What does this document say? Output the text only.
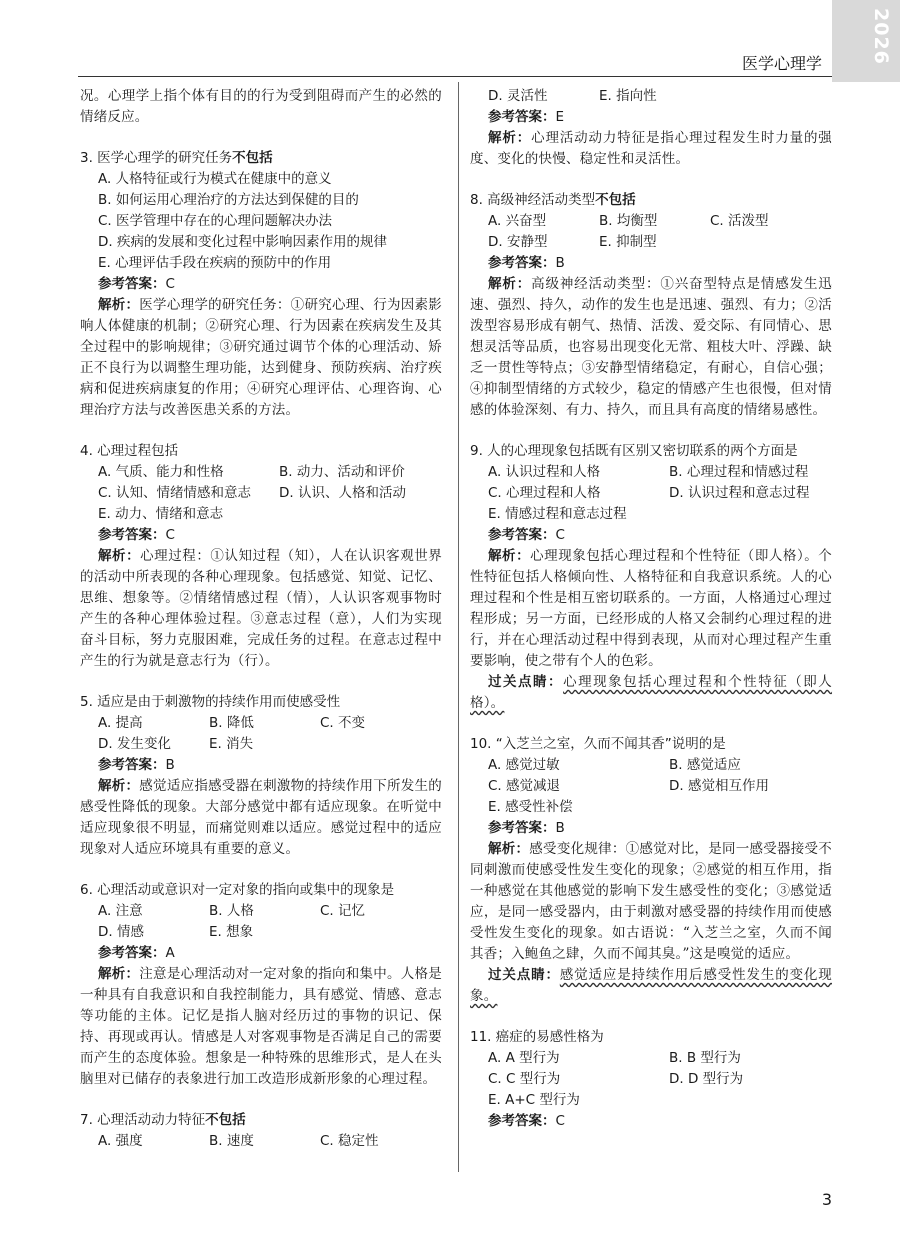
2026
医学心理学
况。心理学上指个体有目的的行为受到阻碍而产生的必然的情绪反应。
3. 医学心理学的研究任务不包括
A. 人格特征或行为模式在健康中的意义
B. 如何运用心理治疗的方法达到保健的目的
C. 医学管理中存在的心理问题解决办法
D. 疾病的发展和变化过程中影响因素作用的规律
E. 心理评估手段在疾病的预防中的作用
参考答案：C
解析：医学心理学的研究任务：①研究心理、行为因素影响人体健康的机制；②研究心理、行为因素在疾病发生及其全过程中的影响规律；③研究通过调节个体的心理活动、矫正不良行为以调整生理功能，达到健身、预防疾病、治疗疾病和促进疾病康复的作用；④研究心理评估、心理咨询、心理治疗方法与改善医患关系的方法。
4. 心理过程包括
A. 气质、能力和性格	B. 动力、活动和评价
C. 认知、情绪情感和意志	D. 认识、人格和活动
E. 动力、情绪和意志
参考答案：C
解析：心理过程：①认知过程（知），人在认识客观世界的活动中所表现的各种心理现象。包括感觉、知觉、记忆、思维、想象等。②情绪情感过程（情），人认识客观事物时产生的各种心理体验过程。③意志过程（意），人们为实现奋斗目标，努力克服困难，完成任务的过程。在意志过程中产生的行为就是意志行为（行）。
5. 适应是由于刺激物的持续作用而使感受性
A. 提高	B. 降低	C. 不变
D. 发生变化	E. 消失
参考答案：B
解析：感觉适应指感受器在刺激物的持续作用下所发生的感受性降低的现象。大部分感觉中都有适应现象。在听觉中适应现象很不明显，而痛觉则难以适应。感觉过程中的适应现象对人适应环境具有重要的意义。
6. 心理活动或意识对一定对象的指向或集中的现象是
A. 注意	B. 人格	C. 记忆
D. 情感	E. 想象
参考答案：A
解析：注意是心理活动对一定对象的指向和集中。人格是一种具有自我意识和自我控制能力，具有感觉、情感、意志等功能的主体。记忆是指人脑对经历过的事物的识记、保持、再现或再认。情感是人对客观事物是否满足自己的需要而产生的态度体验。想象是一种特殊的思维形式，是人在头脑里对已储存的表象进行加工改造形成新形象的心理过程。
7. 心理活动动力特征不包括
A. 强度	B. 速度	C. 稳定性
D. 灵活性	E. 指向性
参考答案：E
解析：心理活动动力特征是指心理过程发生时力量的强度、变化的快慢、稳定性和灵活性。
8. 高级神经活动类型不包括
A. 兴奋型	B. 均衡型	C. 活泼型
D. 安静型	E. 抑制型
参考答案：B
解析：高级神经活动类型：①兴奋型特点是情感发生迅速、强烈、持久，动作的发生也是迅速、强烈、有力；②活泼型容易形成有朝气、热情、活泼、爱交际、有同情心、思想灵活等品质，也容易出现变化无常、粗枝大叶、浮躁、缺乏一贯性等特点；③安静型情绪稳定，有耐心，自信心强；④抑制型情绪的方式较少，稳定的情感产生也很慢，但对情感的体验深刻、有力、持久，而且具有高度的情绪易感性。
9. 人的心理现象包括既有区别又密切联系的两个方面是
A. 认识过程和人格	B. 心理过程和情感过程
C. 心理过程和人格	D. 认识过程和意志过程
E. 情感过程和意志过程
参考答案：C
解析：心理现象包括心理过程和个性特征（即人格）。个性特征包括人格倾向性、人格特征和自我意识系统。人的心理过程和个性是相互密切联系的。一方面，人格通过心理过程形成；另一方面，已经形成的人格又会制约心理过程的进行，并在心理活动过程中得到表现，从而对心理过程产生重要影响，使之带有个人的色彩。
过关点睛：心理现象包括心理过程和个性特征（即人格）。
10. “入芝兰之室，久而不闻其香”说明的是
A. 感觉过敏	B. 感觉适应
C. 感觉减退	D. 感觉相互作用
E. 感受性补偿
参考答案：B
解析：感受变化规律：①感觉对比，是同一感受器接受不同刺激而使感受性发生变化的现象；②感觉的相互作用，指一种感觉在其他感觉的影响下发生感受性的变化；③感觉适应，是同一感受器内，由于刺激对感受器的持续作用而使感受性发生变化的现象。如古语说：“入芝兰之室，久而不闻其香；入鲍鱼之肆，久而不闻其臭。”这是嗅觉的适应。
过关点睛：感觉适应是持续作用后感受性发生的变化现象。
11. 癌症的易感性格为
A. A 型行为	B. B 型行为
C. C 型行为	D. D 型行为
E. A+C 型行为
参考答案：C
3
